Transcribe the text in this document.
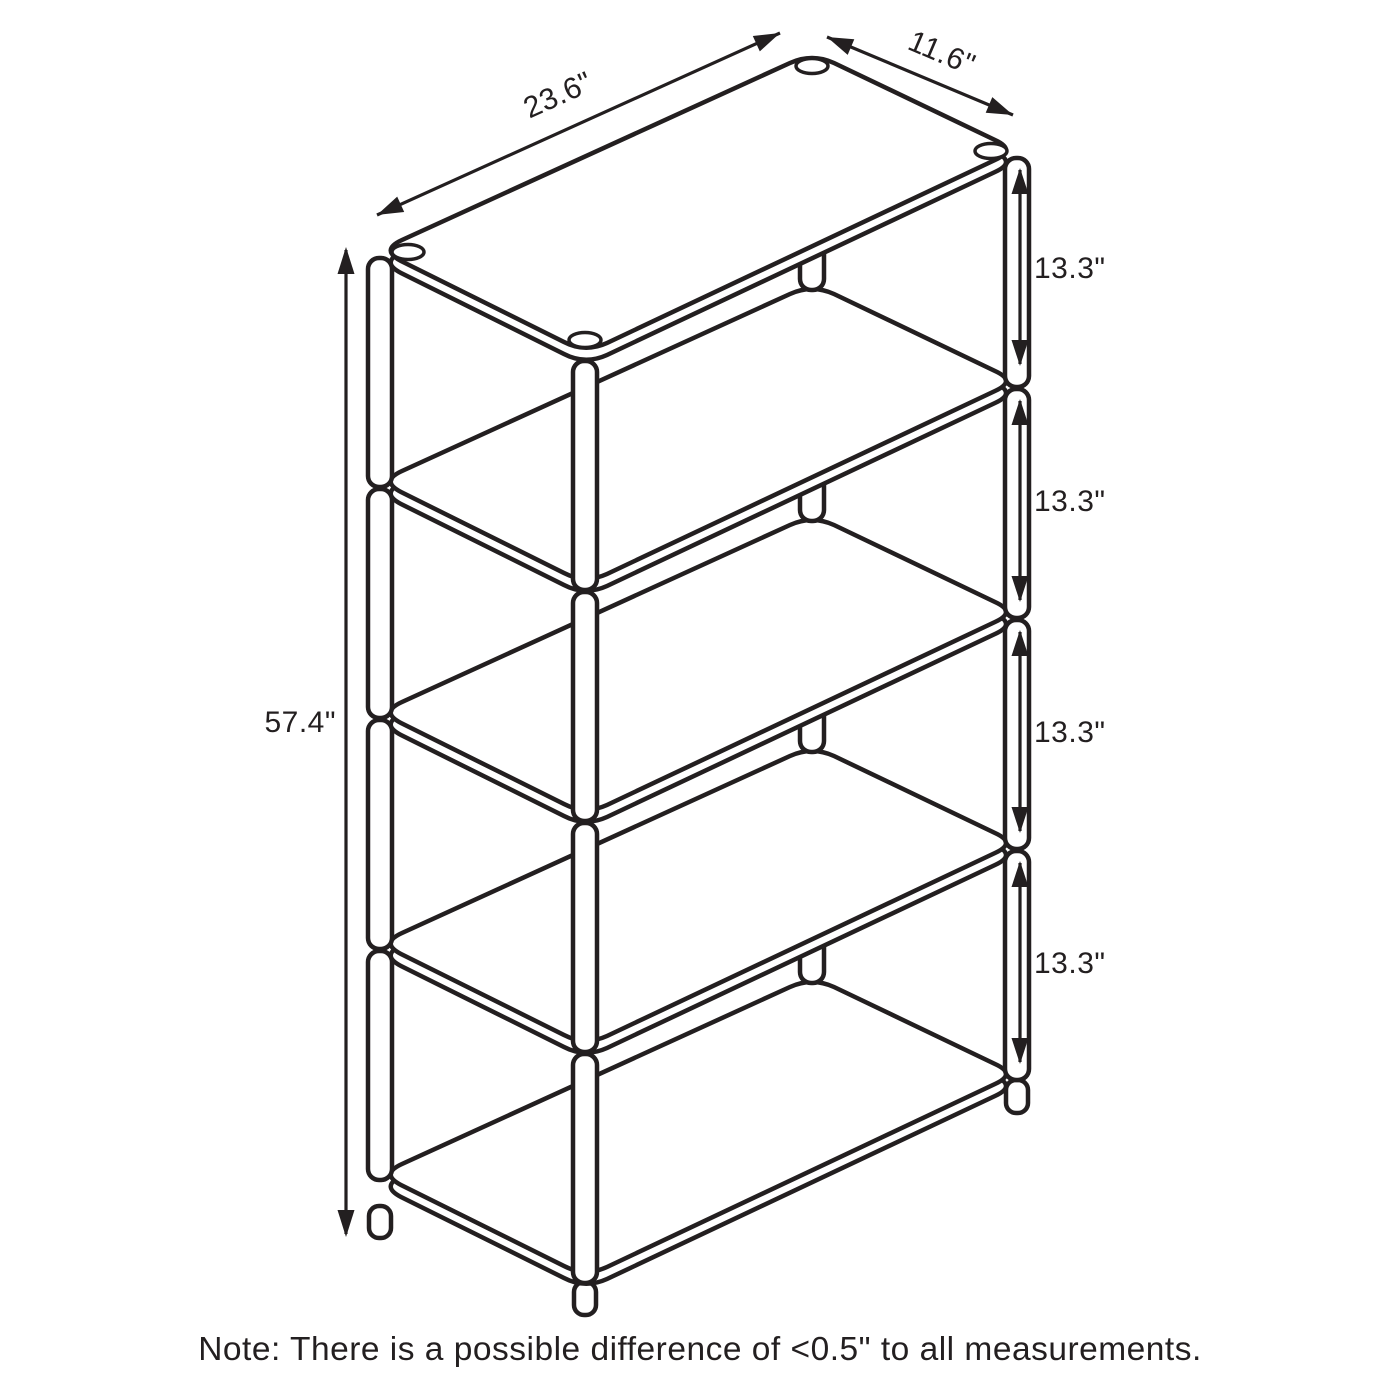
23.6"
11.6"
57.4"
13.3"
13.3"
13.3"
13.3"
Note: There is a possible difference of <0.5" to all measurements.
